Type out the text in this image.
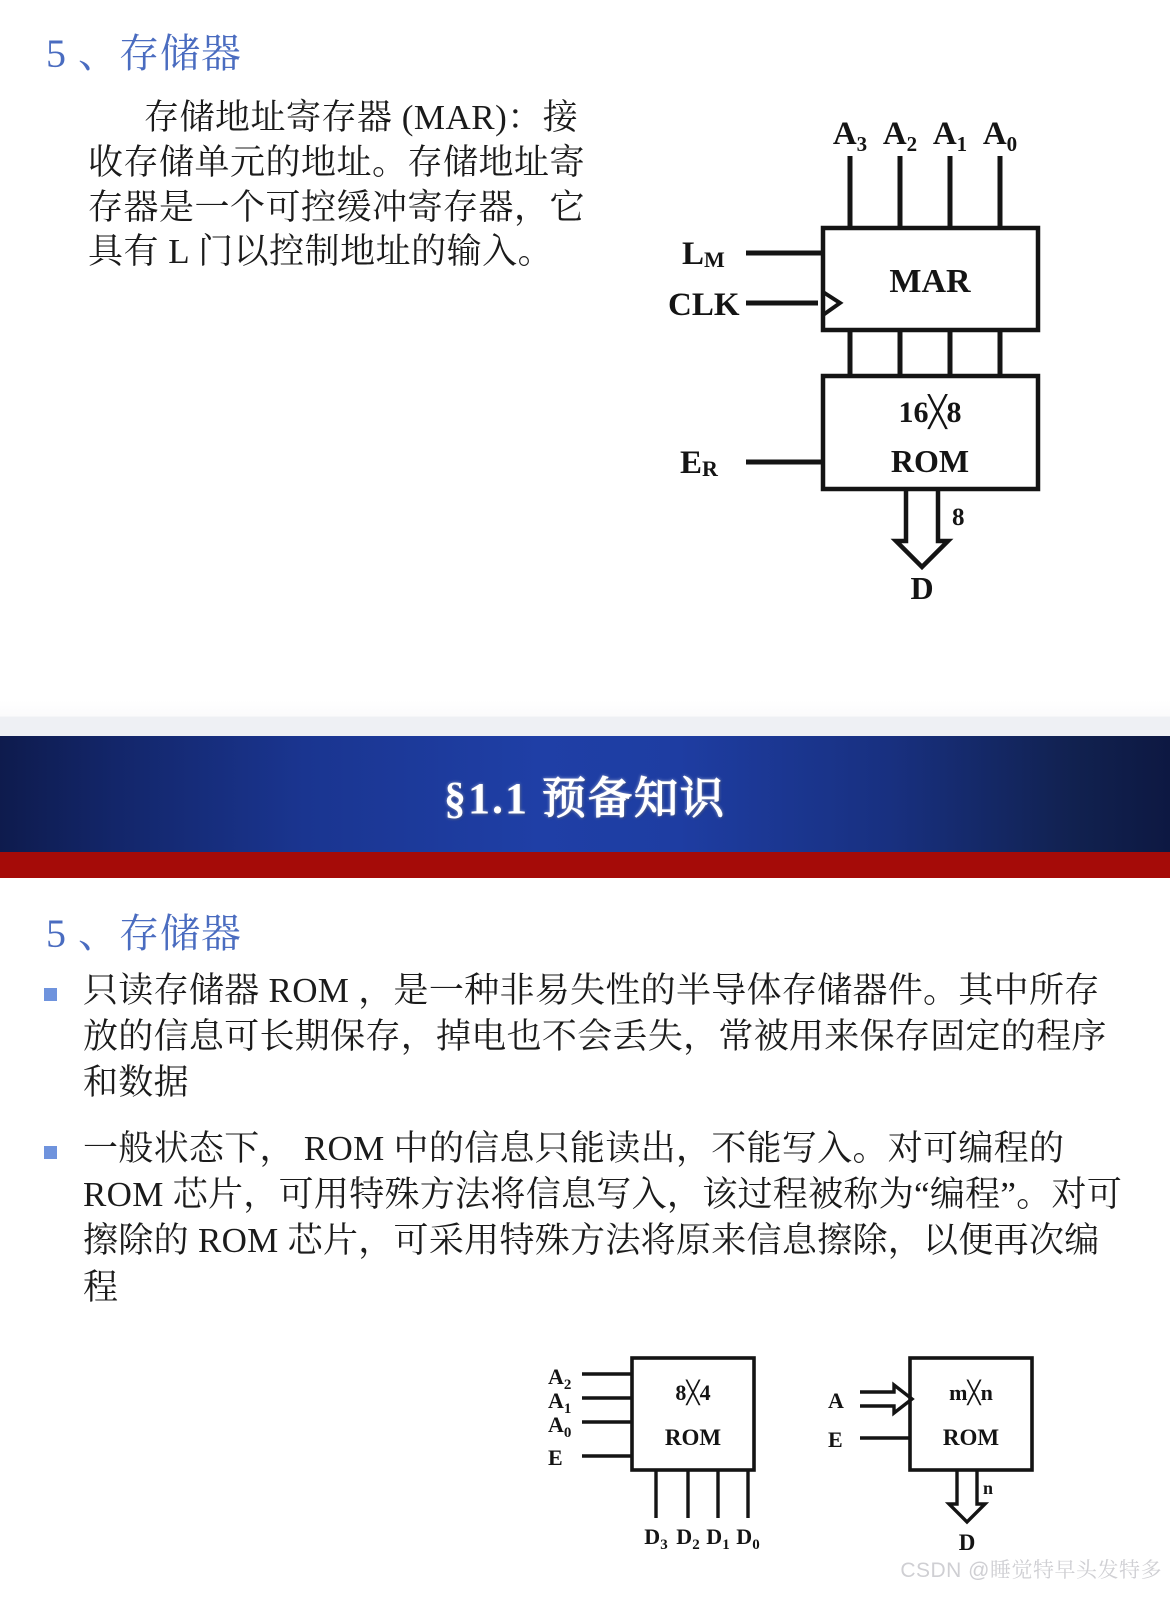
5 、存储器
存储地址寄存器 (MAR)：接收存储单元的地址。存储地址寄存器是一个可控缓冲寄存器，它具有 L 门以控制地址的输入。
$A_3$ $A_2$ $A_1$ $A_0$
LM
CLK
ER
MAR
16╳8
ROM
8
D
§1.1 预备知识
5 、存储器
只读存储器 ROM ，是一种非易失性的半导体存储器件。其中所存放的信息可长期保存，掉电也不会丢失，常被用来保存固定的程序和数据
一般状态下， ROM 中的信息只能读出，不能写入。对可编程的 ROM 芯片，可用特殊方法将信息写入，该过程被称为“编程”。对可擦除的 ROM 芯片，可采用特殊方法将原来信息擦除，以便再次编程
$A_2$
$A_1$
$A_0$
E
8╳4
ROM
$D_3$ $D_2$ $D_1$ $D_0$
A
E
m╳n
ROM
n
D
CSDN @睡觉特早头发特多
